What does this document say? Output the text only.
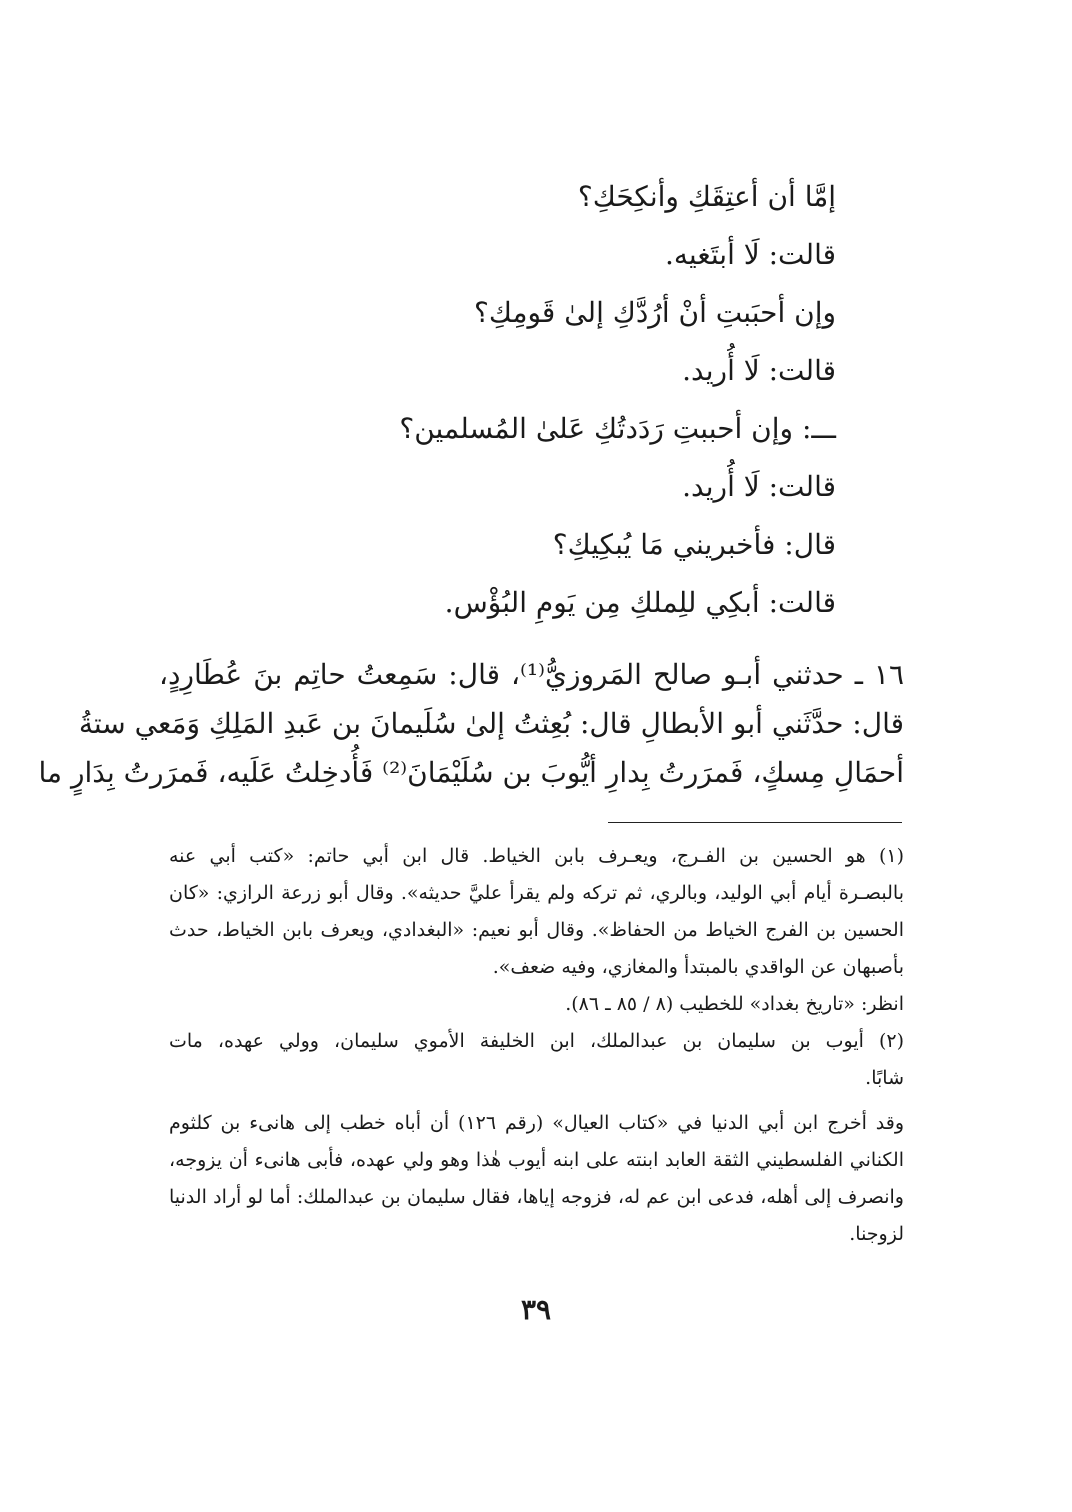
إمَّا أن أعتِقَكِ وأنكِحَكِ؟
قالت: لَا أبتَغيه.
وإن أحبَبتِ أنْ أرُدَّكِ إلىٰ قَومِكِ؟
قالت: لَا أُريد.
ـــ: وإن أحببتِ رَدَدتُكِ عَلىٰ المُسلمين؟
قالت: لَا أُريد.
قال: فأخبريني مَا يُبكِيكِ؟
قالت: أبكِي للِملكِ مِن يَومِ البُؤْس.
١٦ ـ حدثني أبـو صالح المَروزيُّ⁽¹⁾، قال: سَمِعتُ حاتِم بنَ عُطَارِدٍ،
قال: حدَّثَني أبو الأبطالِ قال: بُعِثتُ إلىٰ سُلَيمانَ بن عَبدِ المَلِكِ وَمَعي ستةُ
أحمَالِ مِسكٍ، فَمرَرتُ بِدارِ أيُّوبَ بن سُلَيْمَانَ⁽²⁾ فَأُدخِلتُ عَلَيه، فَمرَرتُ بِدَارٍ ما
(١) هو الحسين بن الفـرج، ويعـرف بابن الخياط. قال ابن أبي حاتم: «كتب أبي عنه
بالبصـرة أيام أبي الوليد، وبالري، ثم تركه ولم يقرأ عليَّ حديثه». وقال أبو زرعة الرازي: «كان
الحسين بن الفرج الخياط من الحفاظ». وقال أبو نعيم: «البغدادي، ويعرف بابن الخياط، حدث
بأصبهان عن الواقدي بالمبتدأ والمغازي، وفيه ضعف».
انظر: «تاريخ بغداد» للخطيب (٨ / ٨٥ ـ ٨٦).
(٢) أيوب بن سليمان بن عبدالملك، ابن الخليفة الأموي سليمان، وولي عهده، مات
شابًا.
وقد أخرج ابن أبي الدنيا في «كتاب العيال» (رقم ١٢٦) أن أباه خطب إلى هانىء بن كلثوم
الكناني الفلسطيني الثقة العابد ابنته على ابنه أيوب هٰذا وهو ولي عهده، فأبى هانىء أن يزوجه،
وانصرف إلى أهله، فدعى ابن عم له، فزوجه إياها، فقال سليمان بن عبدالملك: أما لو أراد الدنيا
لزوجنا.
٣٩
